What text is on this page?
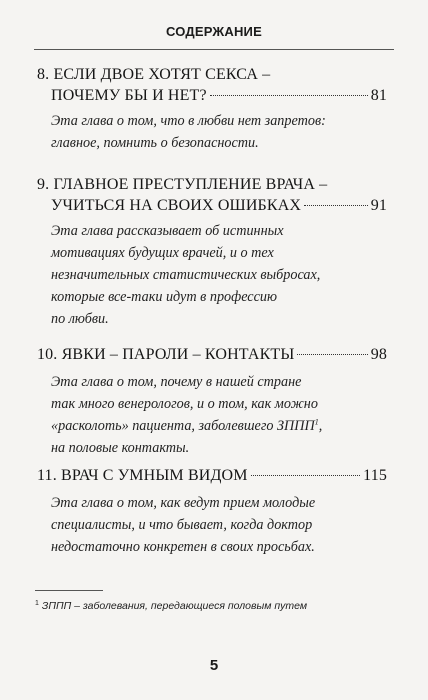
СОДЕРЖАНИЕ
8. ЕСЛИ ДВОЕ ХОТЯТ СЕКСА –
ПОЧЕМУ БЫ И НЕТ?	81
Эта глава о том, что в любви нет запретов:
главное, помнить о безопасности.
9. ГЛАВНОЕ ПРЕСТУПЛЕНИЕ ВРАЧА –
УЧИТЬСЯ НА СВОИХ ОШИБКАХ	91
Эта глава рассказывает об истинных
мотивациях будущих врачей, и о тех
незначительных статистических выбросах,
которые все-таки идут в профессию
по любви.
10. ЯВКИ – ПАРОЛИ – КОНТАКТЫ	98
Эта глава о том, почему в нашей стране
так много венерологов, и о том, как можно
«расколоть» пациента, заболевшего ЗППП$^1$,
на половые контакты.
11. ВРАЧ С УМНЫМ ВИДОМ	115
Эта глава о том, как ведут прием молодые
специалисты, и что бывает, когда доктор
недостаточно конкретен в своих просьбах.
$^1$ ЗППП – заболевания, передающиеся половым путем
5
